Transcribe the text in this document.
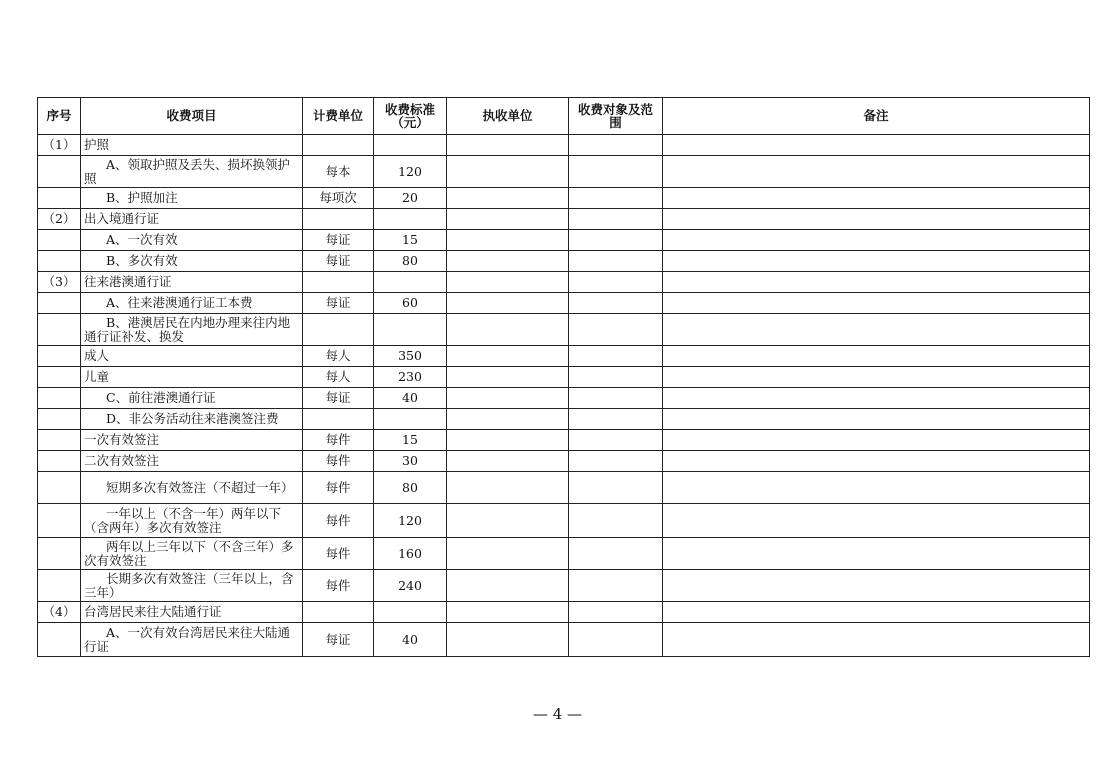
序号	收费项目	计费单位	收费标准（元）	执收单位	收费对象及范围	备注
（1）	护照					
	A、领取护照及丢失、损坏换领护照	每本	120			
	B、护照加注	每项次	20			
（2）	出入境通行证					
	A、一次有效	每证	15			
	B、多次有效	每证	80			
（3）	往来港澳通行证					
	A、往来港澳通行证工本费	每证	60			
	B、港澳居民在内地办理来往内地通行证补发、换发					
	成人	每人	350			
	儿童	每人	230			
	C、前往港澳通行证	每证	40			
	D、非公务活动往来港澳签注费					
	一次有效签注	每件	15			
	二次有效签注	每件	30			
	短期多次有效签注（不超过一年）	每件	80			
	一年以上（不含一年）两年以下（含两年）多次有效签注	每件	120			
	两年以上三年以下（不含三年）多次有效签注	每件	160			
	长期多次有效签注（三年以上，含三年）	每件	240			
（4）	台湾居民来往大陆通行证					
	A、一次有效台湾居民来往大陆通行证	每证	40			
— 4 —
